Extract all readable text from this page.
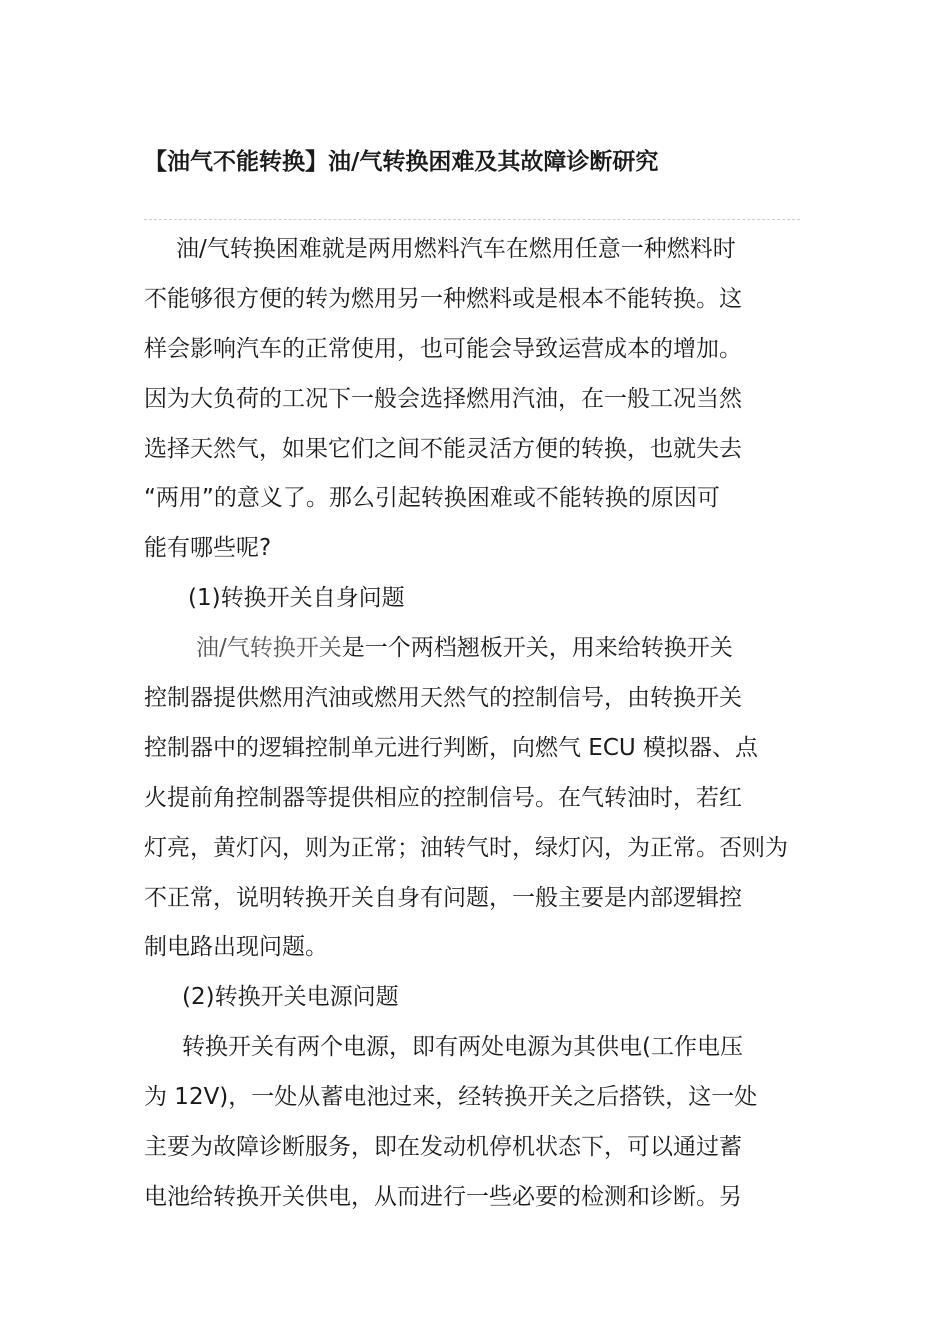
【油气不能转换】油/气转换困难及其故障诊断研究
油/气转换困难就是两用燃料汽车在燃用任意一种燃料时
不能够很方便的转为燃用另一种燃料或是根本不能转换。这
样会影响汽车的正常使用，也可能会导致运营成本的增加。
因为大负荷的工况下一般会选择燃用汽油，在一般工况当然
选择天然气，如果它们之间不能灵活方便的转换，也就失去
“两用”的意义了。那么引起转换困难或不能转换的原因可
能有哪些呢?
(1)转换开关自身问题
油/气转换开关是一个两档翘板开关，用来给转换开关
控制器提供燃用汽油或燃用天然气的控制信号，由转换开关
控制器中的逻辑控制单元进行判断，向燃气 ECU 模拟器、点
火提前角控制器等提供相应的控制信号。在气转油时，若红
灯亮，黄灯闪，则为正常；油转气时，绿灯闪，为正常。否则为
不正常，说明转换开关自身有问题，一般主要是内部逻辑控
制电路出现问题。
(2)转换开关电源问题
转换开关有两个电源，即有两处电源为其供电(工作电压
为 12V)，一处从蓄电池过来，经转换开关之后搭铁，这一处
主要为故障诊断服务，即在发动机停机状态下，可以通过蓄
电池给转换开关供电，从而进行一些必要的检测和诊断。另
